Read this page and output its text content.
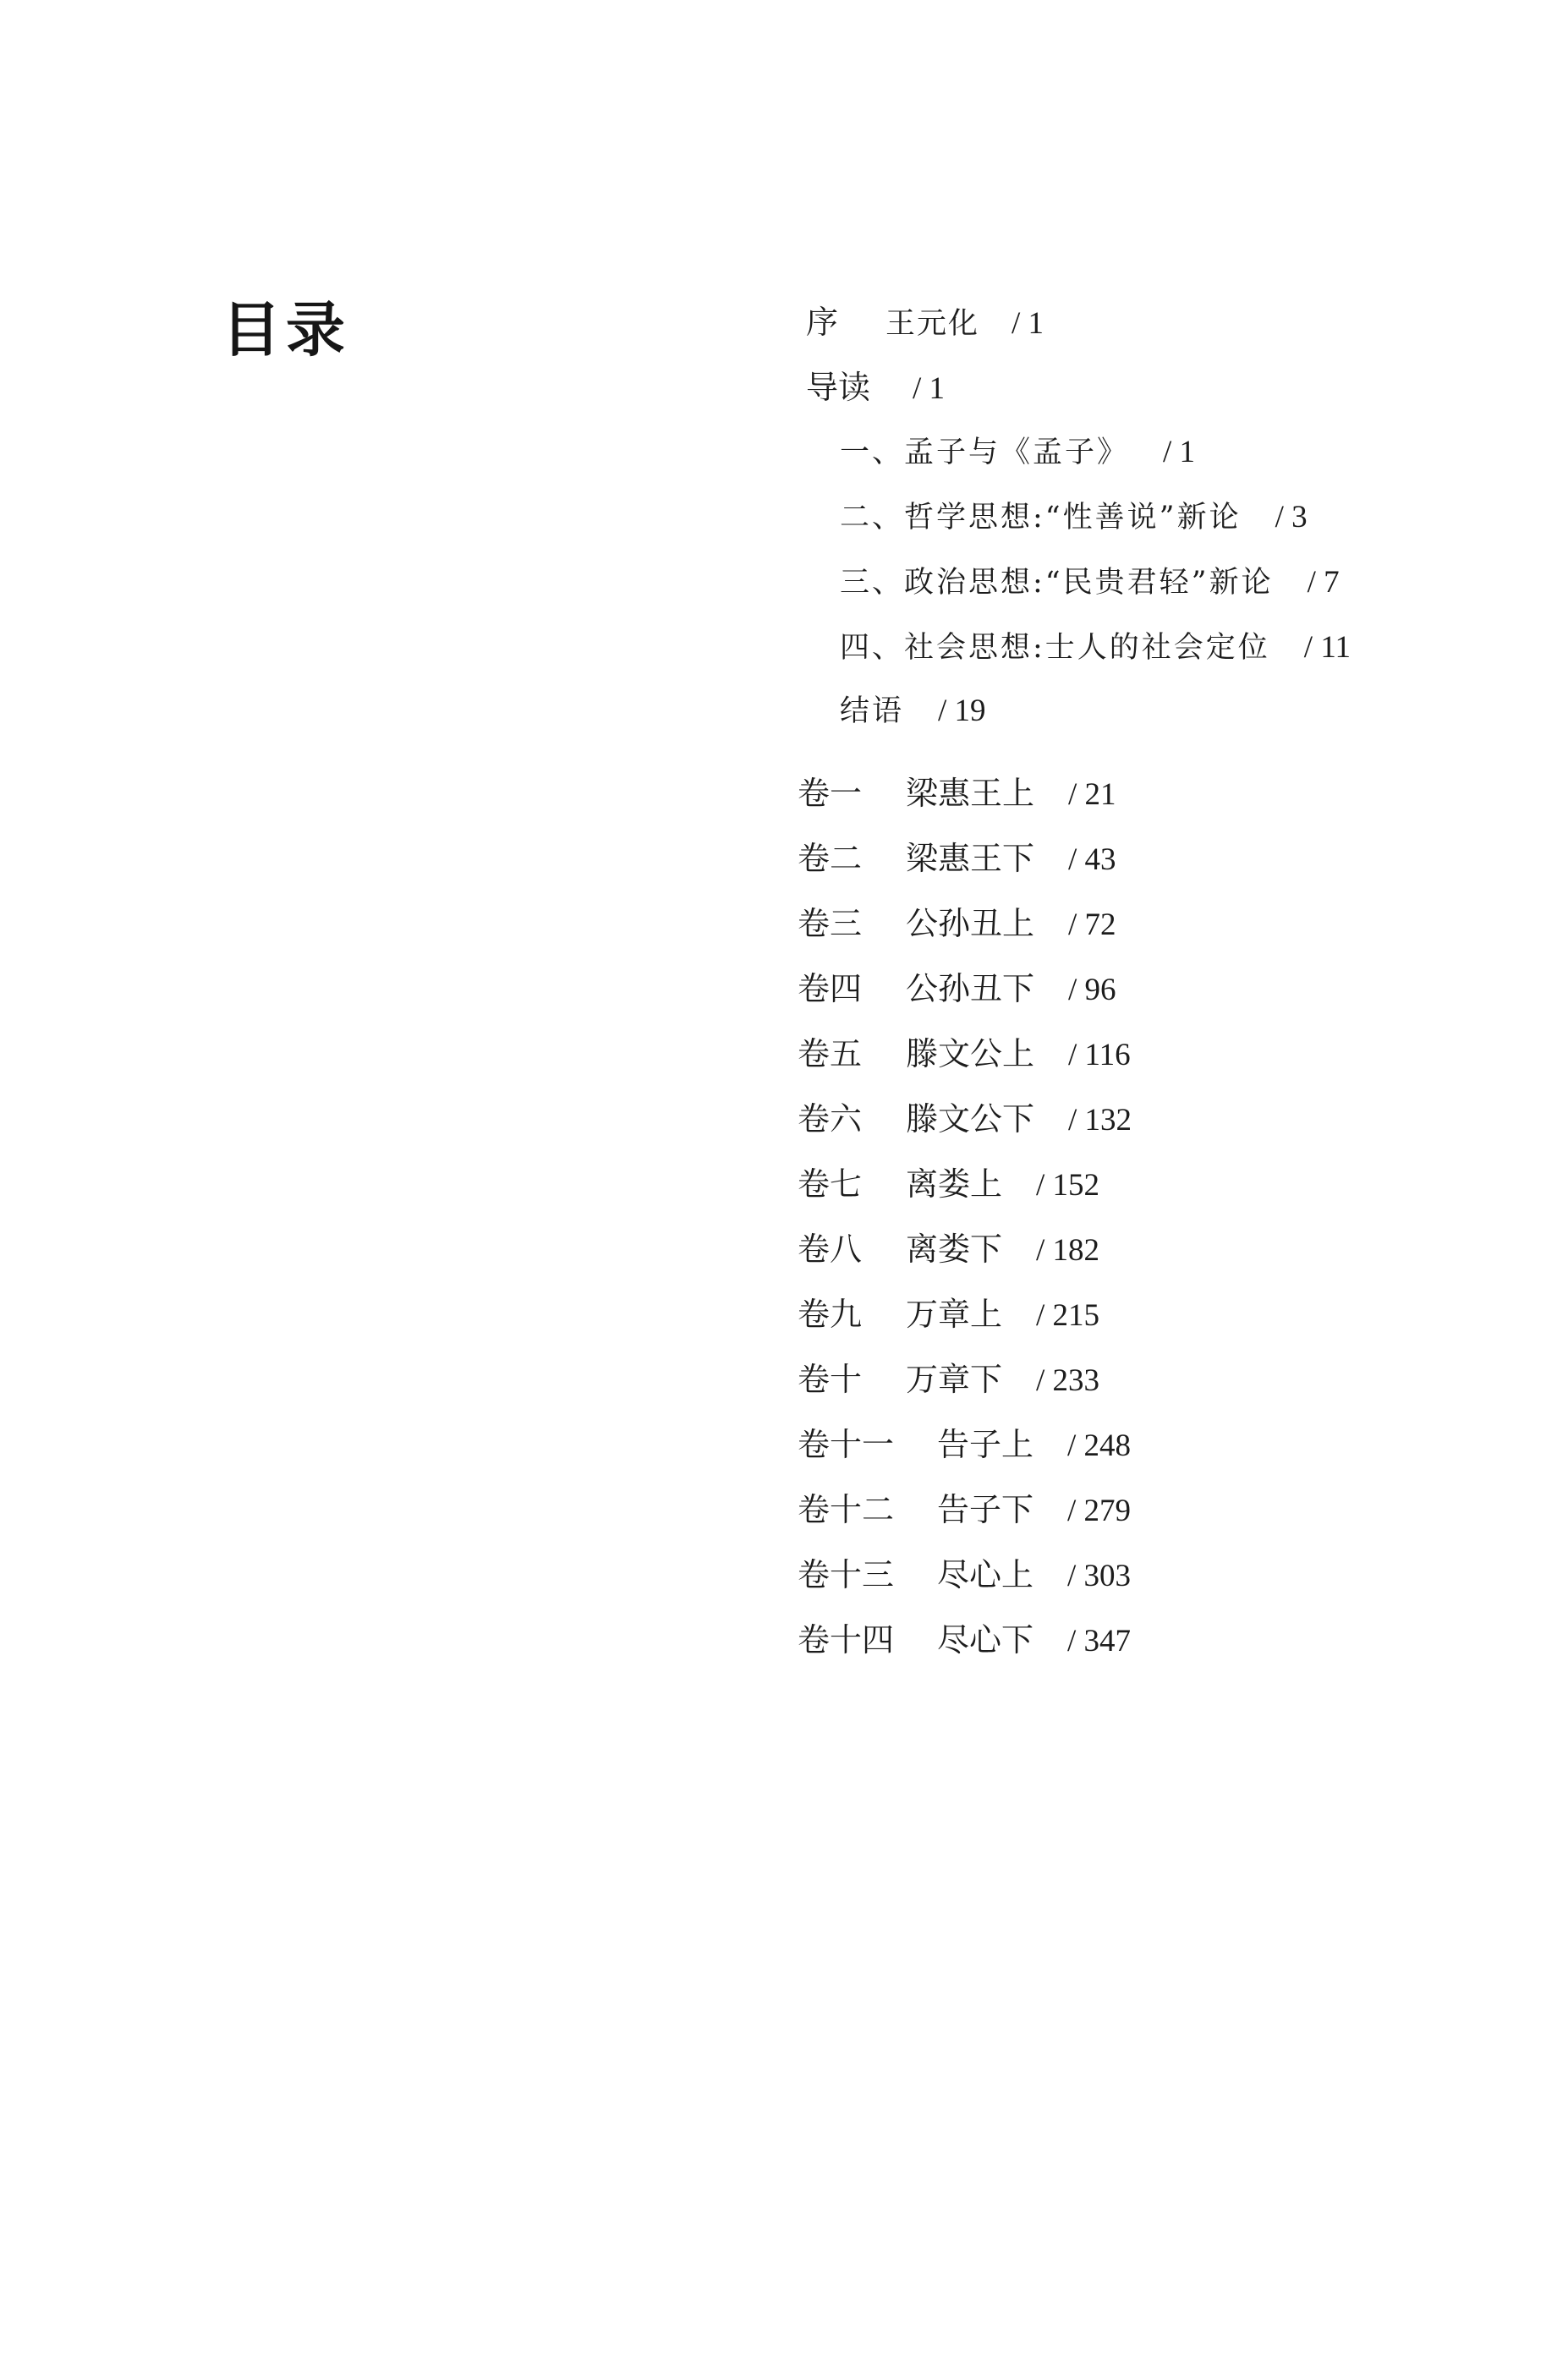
目录	序 王元化 / 1
导读 / 1
一、孟子与《孟子》 / 1
二、哲学思想:“性善说”新论 / 3
三、政治思想:“民贵君轻”新论 / 7
四、社会思想:士人的社会定位 / 11
结语 / 19
卷一 梁惠王上 / 21
卷二 梁惠王下 / 43
卷三 公孙丑上 / 72
卷四 公孙丑下 / 96
卷五 滕文公上 / 116
卷六 滕文公下 / 132
卷七 离娄上 / 152
卷八 离娄下 / 182
卷九 万章上 / 215
卷十 万章下 / 233
卷十一 告子上 / 248
卷十二 告子下 / 279
卷十三 尽心上 / 303
卷十四 尽心下 / 347
